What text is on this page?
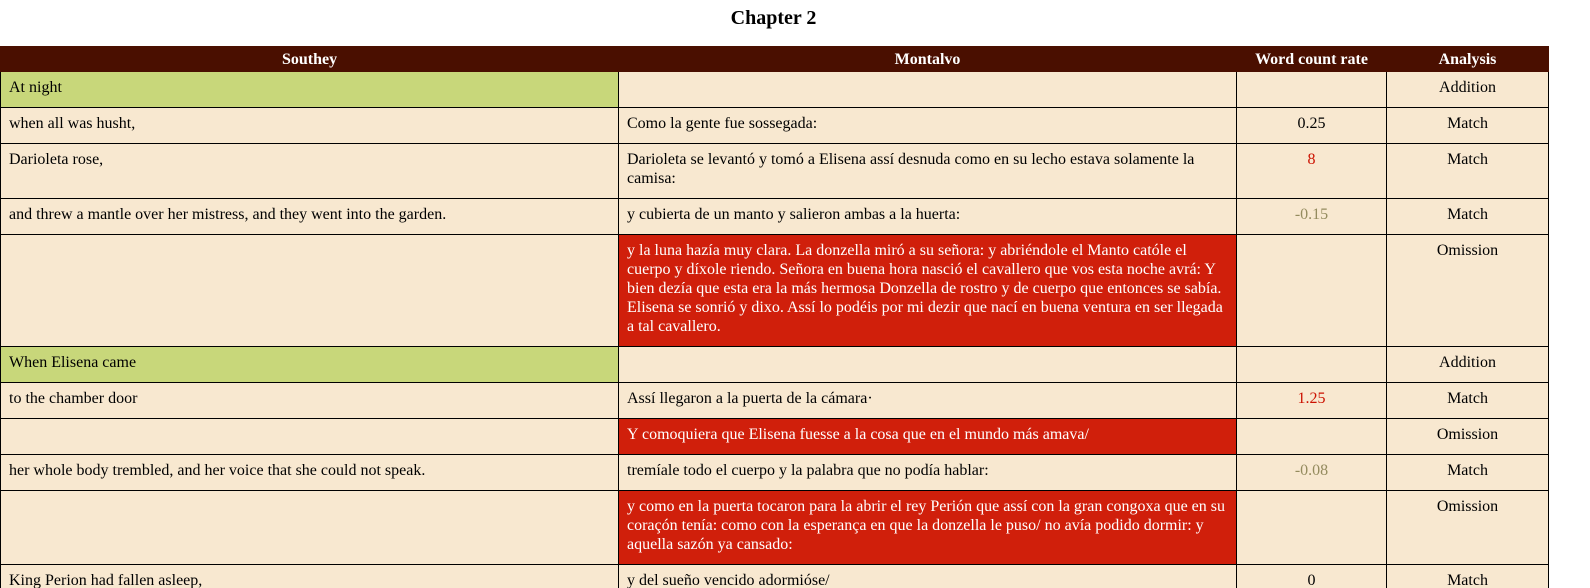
Chapter 2
Southey	Montalvo	Word count rate	Analysis
At night			Addition
when all was husht,	Como la gente fue sossegada:	0.25	Match
Darioleta rose,	Darioleta se levantó y tomó a Elisena assí desnuda como en su lecho estava solamente la camisa:	8	Match
and threw a mantle over her mistress, and they went into the garden.	y cubierta de un manto y salieron ambas a la huerta:	-0.15	Match
	y la luna hazía muy clara. La donzella miró a su señora: y abriéndole el Manto católe el cuerpo y díxole riendo. Señora en buena hora nasció el cavallero que vos esta noche avrá: Y bien dezía que esta era la más hermosa Donzella de rostro y de cuerpo que entonces se sabía. Elisena se sonrió y dixo. Assí lo podéis por mi dezir que nací en buena ventura en ser llegada a tal cavallero.		Omission
When Elisena came			Addition
to the chamber door	Assí llegaron a la puerta de la cámara·	1.25	Match
	Y comoquiera que Elisena fuesse a la cosa que en el mundo más amava/		Omission
her whole body trembled, and her voice that she could not speak.	tremíale todo el cuerpo y la palabra que no podía hablar:	-0.08	Match
	y como en la puerta tocaron para la abrir el rey Perión que assí con la gran congoxa que en su coraçón tenía: como con la esperança en que la donzella le puso/ no avía podido dormir: y aquella sazón ya cansado:		Omission
King Perion had fallen asleep,	y del sueño vencido adormióse/	0	Match
